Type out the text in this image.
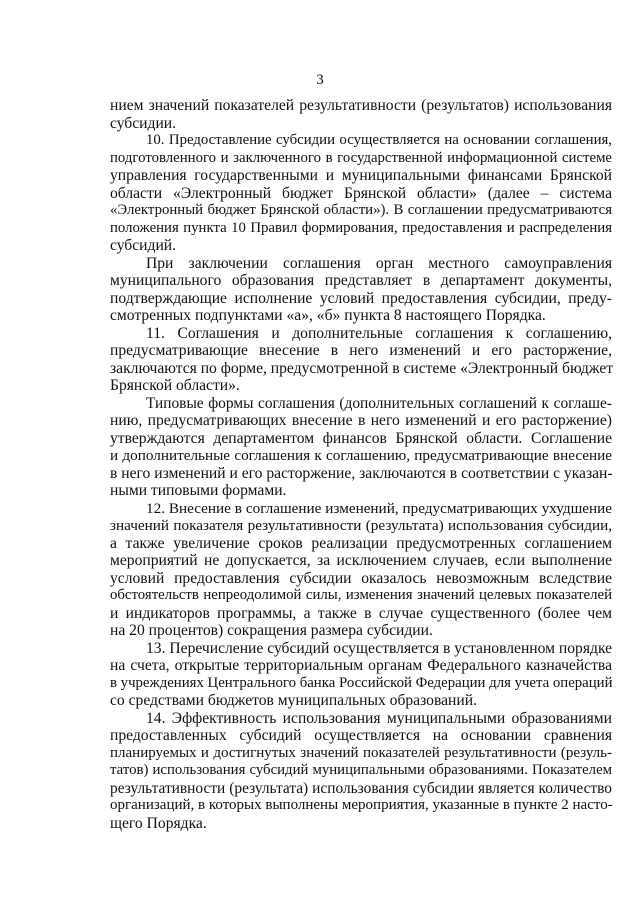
3
нием значений показателей результативности (результатов) использования
субсидии.
10. Предоставление субсидии осуществляется на основании соглашения,
подготовленного и заключенного в государственной информационной системе
управления государственными и муниципальными финансами Брянской
области «Электронный бюджет Брянской области» (далее – система
«Электронный бюджет Брянской области»). В соглашении предусматриваются
положения пункта 10 Правил формирования, предоставления и распределения
субсидий.
При заключении соглашения орган местного самоуправления
муниципального образования представляет в департамент документы,
подтверждающие исполнение условий предоставления субсидии, преду-
смотренных подпунктами «а», «б» пункта 8 настоящего Порядка.
11. Соглашения и дополнительные соглашения к соглашению,
предусматривающие внесение в него изменений и его расторжение,
заключаются по форме, предусмотренной в системе «Электронный бюджет
Брянской области».
Типовые формы соглашения (дополнительных соглашений к соглаше-
нию, предусматривающих внесение в него изменений и его расторжение)
утверждаются департаментом финансов Брянской области. Соглашение
и дополнительные соглашения к соглашению, предусматривающие внесение
в него изменений и его расторжение, заключаются в соответствии с указан-
ными типовыми формами.
12. Внесение в соглашение изменений, предусматривающих ухудшение
значений показателя результативности (результата) использования субсидии,
а также увеличение сроков реализации предусмотренных соглашением
мероприятий не допускается, за исключением случаев, если выполнение
условий предоставления субсидии оказалось невозможным вследствие
обстоятельств непреодолимой силы, изменения значений целевых показателей
и индикаторов программы, а также в случае существенного (более чем
на 20 процентов) сокращения размера субсидии.
13. Перечисление субсидий осуществляется в установленном порядке
на счета, открытые территориальным органам Федерального казначейства
в учреждениях Центрального банка Российской Федерации для учета операций
со средствами бюджетов муниципальных образований.
14. Эффективность использования муниципальными образованиями
предоставленных субсидий осуществляется на основании сравнения
планируемых и достигнутых значений показателей результативности (резуль-
татов) использования субсидий муниципальными образованиями. Показателем
результативности (результата) использования субсидии является количество
организаций, в которых выполнены мероприятия, указанные в пункте 2 насто-
щего Порядка.
